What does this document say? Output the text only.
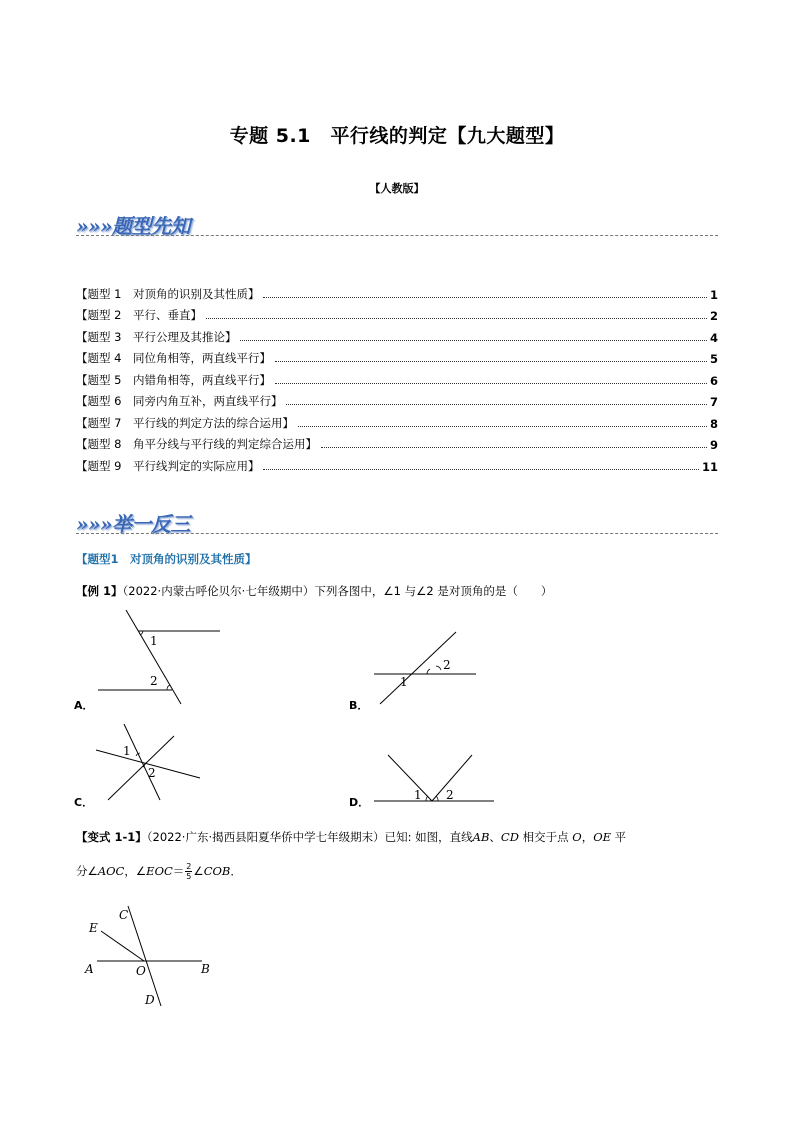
专题 5.1　平行线的判定【九大题型】
【人教版】
»»»题型先知
【题型 1　对顶角的识别及其性质】	1
【题型 2　平行、垂直】	2
【题型 3　平行公理及其推论】	4
【题型 4　同位角相等，两直线平行】	5
【题型 5　内错角相等，两直线平行】	6
【题型 6　同旁内角互补，两直线平行】	7
【题型 7　平行线的判定方法的综合运用】	8
【题型 8　角平分线与平行线的判定综合运用】	9
【题型 9　平行线判定的实际应用】	11
»»»举一反三
【题型1　对顶角的识别及其性质】
【例 1】（2022·内蒙古呼伦贝尔·七年级期中）下列各图中，∠1 与∠2 是对顶角的是（　　）
1
2
A．
1
2
B．
1
2
C．
1 2
D．
【变式 1-1】（2022·广东·揭西县阳夏华侨中学七年级期末）已知: 如图，直线AB、CD 相交于点 O，OE 平
分∠AOC，∠EOC＝ $\frac{2}{5}$ ∠COB．
C
E
A	O	B
D
